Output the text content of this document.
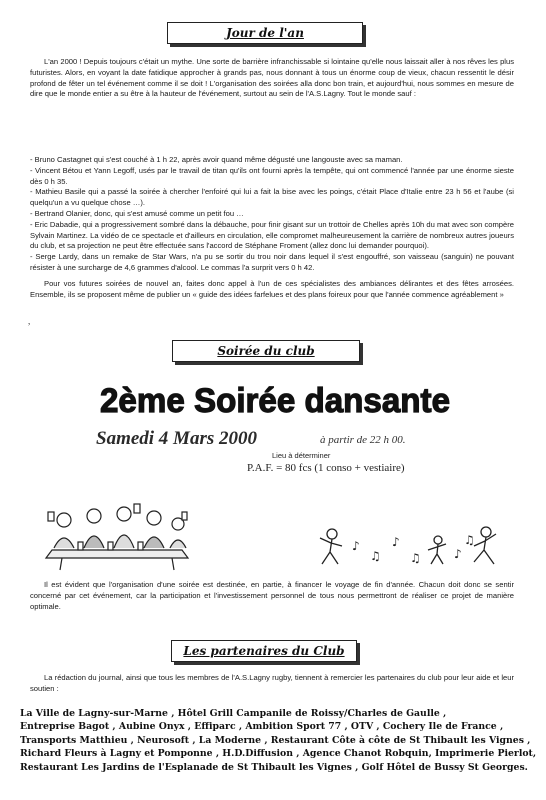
Jour de l'an

L'an 2000 ! Depuis toujours c'était un mythe. Une sorte de barrière infranchissable si lointaine qu'elle nous laissait aller à nos rêves les plus futuristes. Alors, en voyant la date fatidique approcher à grands pas, nous donnant à tous un énorme coup de vieux, chacun ressentit le désir profond de fêter un tel événement comme il se doit ! L'organisation des soirées alla donc bon train, et aujourd'hui, nous sommes en mesure de dire que le monde entier a su être à la hauteur de l'événement, surtout au sein de l'A.S.Lagny. Tout le monde sauf :

- Bruno Castagnet qui s'est couché à 1 h 22, après avoir quand même dégusté une langouste avec sa maman.
- Vincent Bétou et Yann Legoff, usés par le travail de titan qu'ils ont fourni après la tempête, qui ont commencé l'année par une énorme sieste dès 0 h 35.
- Mathieu Basile qui a passé la soirée à chercher l'enfoiré qui lui a fait la bise avec les poings, c'était Place d'Italie entre 23 h 56 et l'aube (si quelqu'un a vu quelque chose …).
- Bertrand Olanier, donc, qui s'est amusé comme un petit fou …
- Eric Dabadie, qui a progressivement sombré dans la débauche, pour finir gisant sur un trottoir de Chelles après 10h du mat avec son compère Sylvain Martinez. La vidéo de ce spectacle et d'ailleurs en circulation, elle compromet malheureusement la carrière de nombreux autres joueurs du club, et sa projection ne peut être effectuée sans l'accord de Stéphane Froment (allez donc lui demander pourquoi).
- Serge Lardy, dans un remake de Star Wars, n'a pu se sortir du trou noir dans lequel il s'est engouffré, son vaisseau (sanguin) ne pouvant résister à une surcharge de 4,6 grammes d'alcool. Le commas l'a surprit vers 0 h 42.

Pour vos futures soirées de nouvel an, faites donc appel à l'un de ces spécialistes des ambiances délirantes et des fêtes arrosées. Ensemble, ils se proposent même de publier un « guide des idées farfelues et des plans foireux pour que l'année commence agréablement »

,
Soirée du club
2ème Soirée dansante
Samedi 4 Mars 2000	à partir de 22 h 00.
Lieu à déterminer
P.A.F. = 80 fcs (1 conso + vestiaire)
♪
♫
♪
♫	♪
♫

Il est évident que l'organisation d'une soirée est destinée, en partie, à financer le voyage de fin d'année. Chacun doit donc se sentir concerné par cet événement, car la participation et l'investissement personnel de tous nous permettront de réaliser ce projet de manière optimale.

Les partenaires du Club

La rédaction du journal, ainsi que tous les membres de l'A.S.Lagny rugby, tiennent à remercier les partenaires du club pour leur aide et leur soutien :

La Ville de Lagny-sur-Marne , Hôtel Grill Campanile de Roissy/Charles de Gaulle ,
Entreprise Bagot , Aubine Onyx , Effiparc , Ambition Sport 77 , OTV , Cochery Ile de France ,
Transports Matthieu , Neurosoft , La Moderne , Restaurant Côte à côte de St Thibault les Vignes ,
Richard Fleurs à Lagny et Pomponne , H.D.Diffusion , Agence Chanot Robquin, Imprimerie Pierlot,
Restaurant Les Jardins de l'Esplanade de St Thibault les Vignes , Golf Hôtel de Bussy St Georges.
